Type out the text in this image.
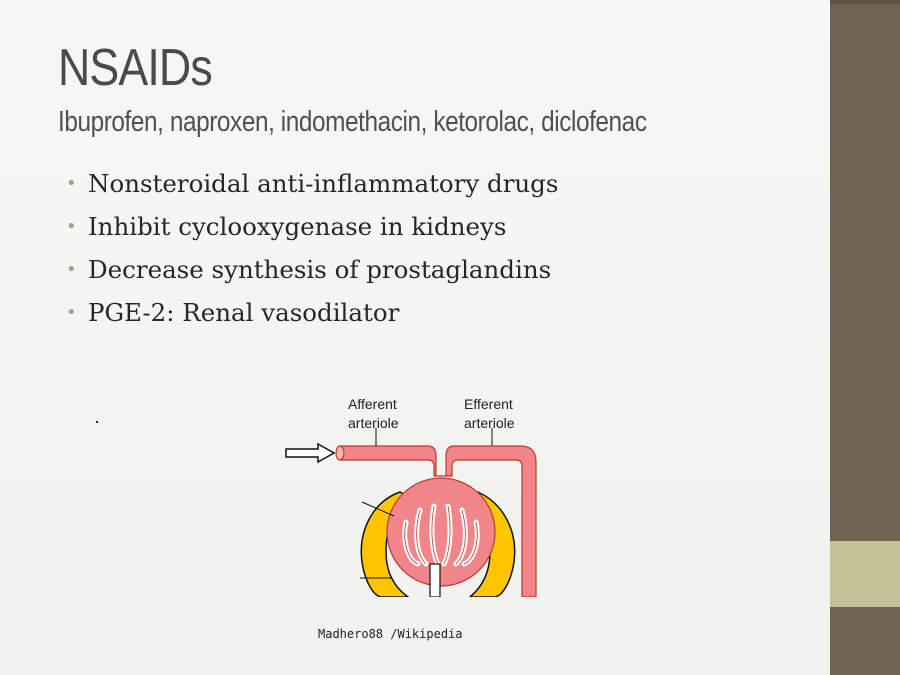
NSAIDs
Ibuprofen, naproxen, indomethacin, ketorolac, diclofenac
• Nonsteroidal anti-inflammatory drugs
• Inhibit cyclooxygenase in kidneys
• Decrease synthesis of prostaglandins
• PGE-2: Renal vasodilator
Afferent
arteriole
Efferent
arteriole
Madhero88 /Wikipedia
